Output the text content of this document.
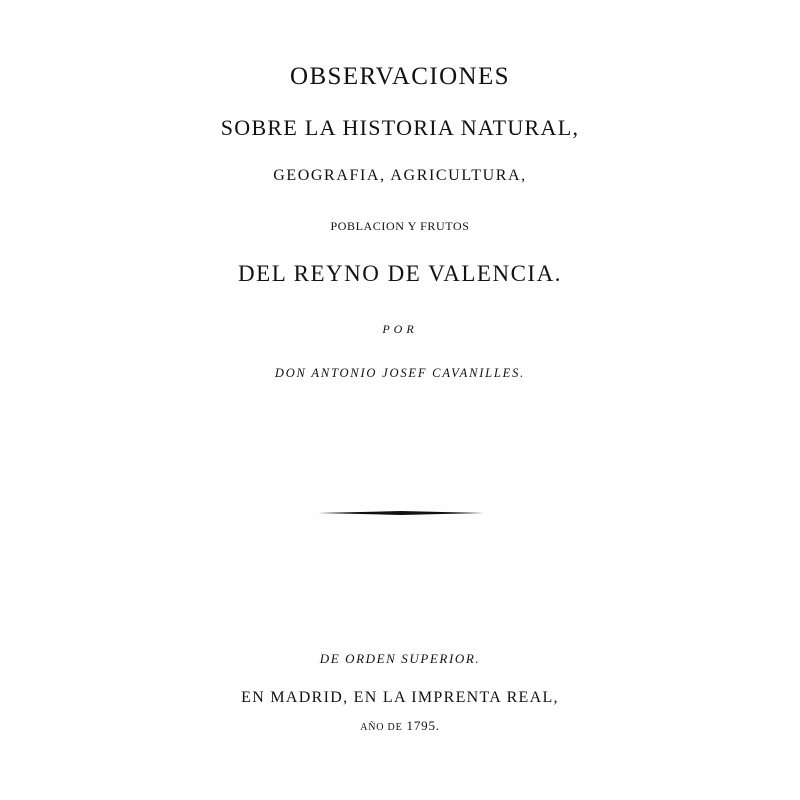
OBSERVACIONES
SOBRE LA HISTORIA NATURAL,
GEOGRAFIA, AGRICULTURA,
POBLACION Y FRUTOS
DEL REYNO DE VALENCIA.
POR
DON ANTONIO JOSEF CAVANILLES.
DE ORDEN SUPERIOR.
EN MADRID, EN LA IMPRENTA REAL,
AÑO DE 1795.
